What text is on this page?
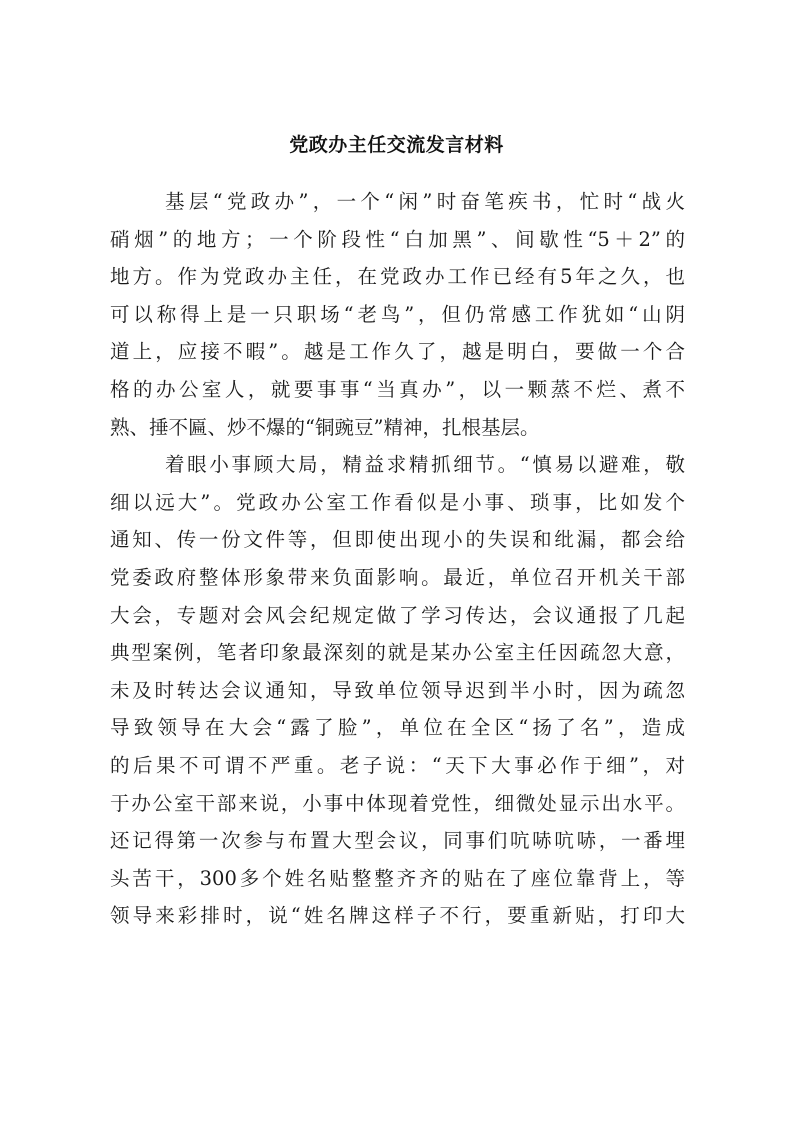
党政办主任交流发言材料
基层“党政办”，一个“闲”时奋笔疾书，忙时“战火
硝烟”的地方；一个阶段性“白加黑”、间歇性“5＋2”的
地方。作为党政办主任，在党政办工作已经有5年之久，也
可以称得上是一只职场“老鸟”，但仍常感工作犹如“山阴
道上，应接不暇”。越是工作久了，越是明白，要做一个合
格的办公室人，就要事事“当真办”，以一颗蒸不烂、煮不
熟、捶不匾、炒不爆的“铜豌豆”精神，扎根基层。
着眼小事顾大局，精益求精抓细节。“慎易以避难，敬
细以远大”。党政办公室工作看似是小事、琐事，比如发个
通知、传一份文件等，但即使出现小的失误和纰漏，都会给
党委政府整体形象带来负面影响。最近，单位召开机关干部
大会，专题对会风会纪规定做了学习传达，会议通报了几起
典型案例，笔者印象最深刻的就是某办公室主任因疏忽大意，
未及时转达会议通知，导致单位领导迟到半小时，因为疏忽
导致领导在大会“露了脸”，单位在全区“扬了名”，造成
的后果不可谓不严重。老子说：“天下大事必作于细”，对
于办公室干部来说，小事中体现着党性，细微处显示出水平。
还记得第一次参与布置大型会议，同事们吭哧吭哧，一番埋
头苦干，300多个姓名贴整整齐齐的贴在了座位靠背上，等
领导来彩排时，说“姓名牌这样子不行，要重新贴，打印大
